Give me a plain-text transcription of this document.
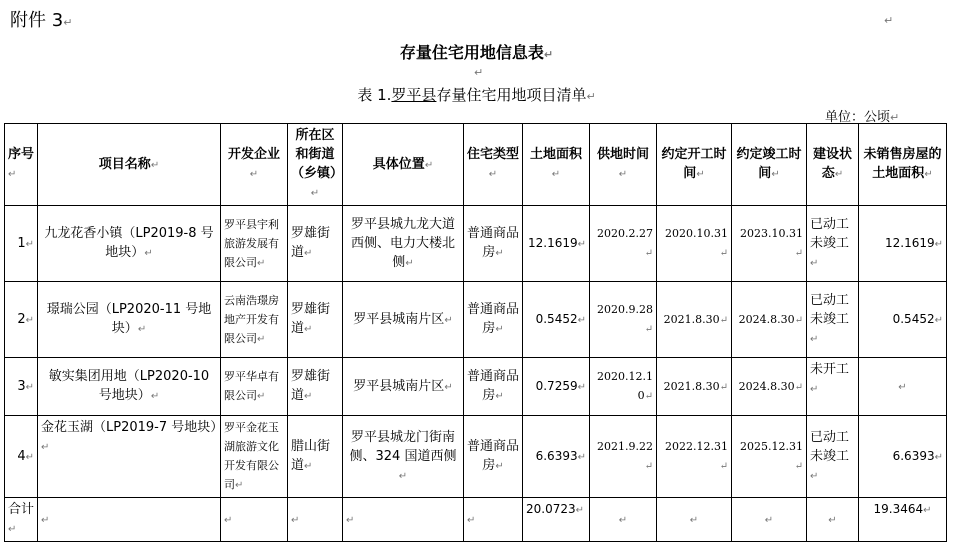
附件 3↵	↵
存量住宅用地信息表↵
↵
表 1.罗平县存量住宅用地项目清单↵
单位：公顷↵
序号↵	项目名称↵	开发企业↵	所在区和街道（乡镇）↵	具体位置↵	住宅类型↵	土地面积↵	供地时间↵	约定开工时间↵	约定竣工时间↵	建设状态↵	未销售房屋的土地面积↵
1↵	九龙花香小镇（LP2019-8 号地块）↵	罗平县宇利旅游发展有限公司↵	罗雄街道↵	罗平县城九龙大道西侧、电力大楼北侧↵	普通商品房↵	12.1619↵	2020.2.27↵	2020.10.31↵	2023.10.31↵	已动工未竣工↵	12.1619↵
2↵	璟瑞公园（LP2020-11 号地块）↵	云南浩璟房地产开发有限公司↵	罗雄街道↵	罗平县城南片区↵	普通商品房↵	0.5452↵	2020.9.28↵	2021.8.30↵	2024.8.30↵	已动工未竣工↵	0.5452↵
3↵	敏实集团用地（LP2020-10 号地块）↵	罗平华卓有限公司↵	罗雄街道↵	罗平县城南片区↵	普通商品房↵	0.7259↵	2020.12.10↵	2021.8.30↵	2024.8.30↵	未开工↵	↵
4↵	金花玉湖（LP2019-7 号地块）↵	罗平金花玉湖旅游文化开发有限公司↵	腊山街道↵	罗平县城龙门街南侧、324 国道西侧↵	普通商品房↵	6.6393↵	2021.9.22↵	2022.12.31↵	2025.12.31↵	已动工未竣工↵	6.6393↵
合计↵	↵	↵	↵	↵	↵	20.0723↵	↵	↵	↵	↵	19.3464↵
